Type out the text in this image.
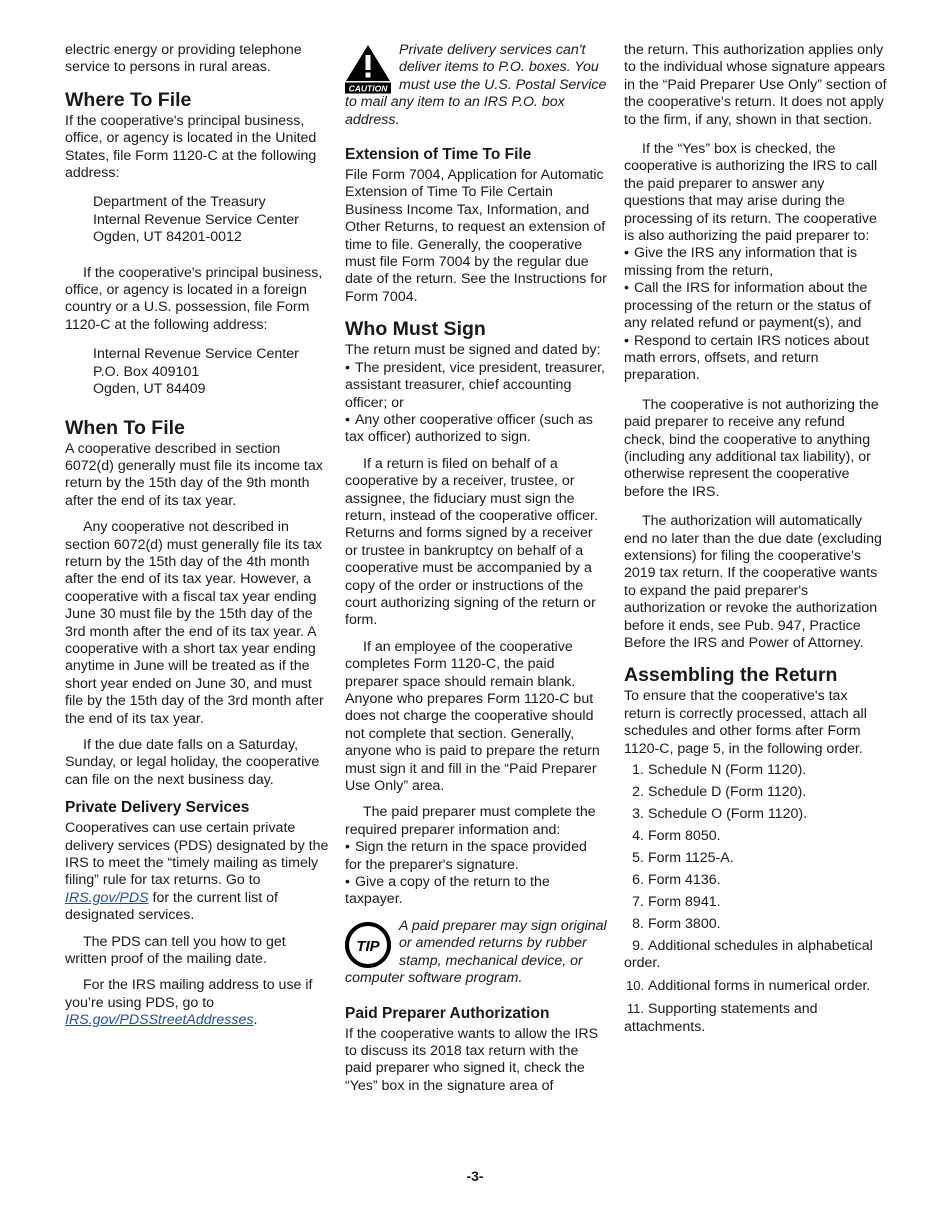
electric energy or providing telephone service to persons in rural areas.

Where To File

If the cooperative's principal business, office, or agency is located in the United States, file Form 1120-C at the following address:

Department of the Treasury
Internal Revenue Service Center
Ogden, UT 84201-0012

If the cooperative's principal business, office, or agency is located in a foreign country or a U.S. possession, file Form 1120-C at the following address:

Internal Revenue Service Center
P.O. Box 409101
Ogden, UT 84409
When To File

A cooperative described in section 6072(d) generally must file its income tax return by the 15th day of the 9th month after the end of its tax year.

Any cooperative not described in section 6072(d) must generally file its tax return by the 15th day of the 4th month after the end of its tax year. However, a cooperative with a fiscal tax year ending June 30 must file by the 15th day of the 3rd month after the end of its tax year. A cooperative with a short tax year ending anytime in June will be treated as if the short year ended on June 30, and must file by the 15th day of the 3rd month after the end of its tax year.

If the due date falls on a Saturday, Sunday, or legal holiday, the cooperative can file on the next business day.

Private Delivery Services

Cooperatives can use certain private delivery services (PDS) designated by the IRS to meet the “timely mailing as timely filing” rule for tax returns. Go to IRS.gov/PDS for the current list of designated services.

The PDS can tell you how to get written proof of the mailing date.

For the IRS mailing address to use if you’re using PDS, go to IRS.gov/PDSStreetAddresses.

CAUTION
Private delivery services can't deliver items to P.O. boxes. You must use the U.S. Postal Service to mail any item to an IRS P.O. box address.
Extension of Time To File

File Form 7004, Application for Automatic Extension of Time To File Certain Business Income Tax, Information, and Other Returns, to request an extension of time to file. Generally, the cooperative must file Form 7004 by the regular due date of the return. See the Instructions for Form 7004.

Who Must Sign

The return must be signed and dated by:

• The president, vice president, treasurer, assistant treasurer, chief accounting officer; or

• Any other cooperative officer (such as tax officer) authorized to sign.

If a return is filed on behalf of a cooperative by a receiver, trustee, or assignee, the fiduciary must sign the return, instead of the cooperative officer. Returns and forms signed by a receiver or trustee in bankruptcy on behalf of a cooperative must be accompanied by a copy of the order or instructions of the court authorizing signing of the return or form.

If an employee of the cooperative completes Form 1120-C, the paid preparer space should remain blank. Anyone who prepares Form 1120-C but does not charge the cooperative should not complete that section. Generally, anyone who is paid to prepare the return must sign it and fill in the “Paid Preparer Use Only” area.

The paid preparer must complete the required preparer information and:

• Sign the return in the space provided for the preparer's signature.

• Give a copy of the return to the taxpayer.

TIP
A paid preparer may sign original or amended returns by rubber stamp, mechanical device, or computer software program.
Paid Preparer Authorization

If the cooperative wants to allow the IRS to discuss its 2018 tax return with the paid preparer who signed it, check the “Yes” box in the signature area of

the return. This authorization applies only to the individual whose signature appears in the “Paid Preparer Use Only” section of the cooperative's return. It does not apply to the firm, if any, shown in that section.

If the “Yes” box is checked, the cooperative is authorizing the IRS to call the paid preparer to answer any questions that may arise during the processing of its return. The cooperative is also authorizing the paid preparer to:

• Give the IRS any information that is missing from the return,

• Call the IRS for information about the processing of the return or the status of any related refund or payment(s), and

• Respond to certain IRS notices about math errors, offsets, and return preparation.

The cooperative is not authorizing the paid preparer to receive any refund check, bind the cooperative to anything (including any additional tax liability), or otherwise represent the cooperative before the IRS.

The authorization will automatically end no later than the due date (excluding extensions) for filing the cooperative's 2019 tax return. If the cooperative wants to expand the paid preparer's authorization or revoke the authorization before it ends, see Pub. 947, Practice Before the IRS and Power of Attorney.

Assembling the Return

To ensure that the cooperative's tax return is correctly processed, attach all schedules and other forms after Form 1120-C, page 5, in the following order.

1. Schedule N (Form 1120).
2. Schedule D (Form 1120).
3. Schedule O (Form 1120).
4. Form 8050.
5. Form 1125-A.
6. Form 4136.
7. Form 8941.
8. Form 3800.
9. Additional schedules in alphabetical order.
10. Additional forms in numerical order.
11. Supporting statements and attachments.
-3-
